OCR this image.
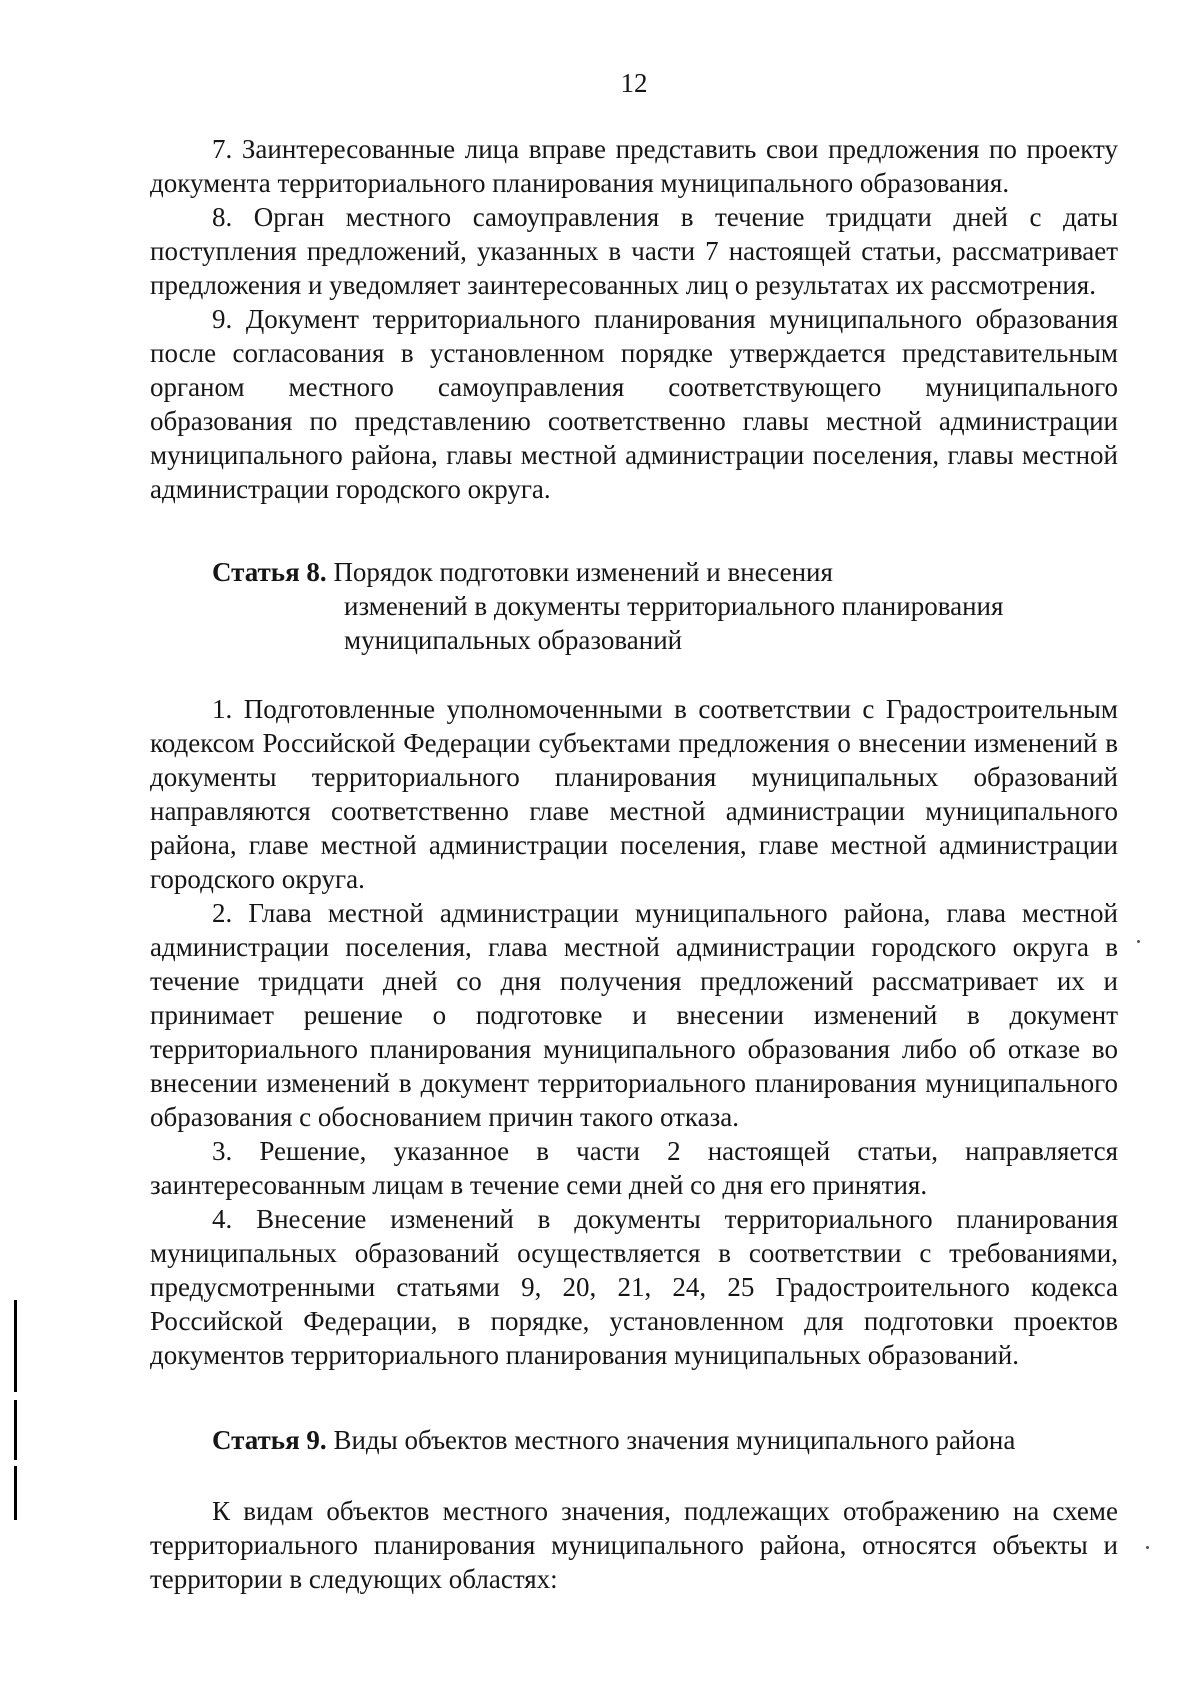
12

7. Заинтересованные лица вправе представить свои предложения по проекту документа территориального планирования муниципального образования.

8. Орган местного самоуправления в течение тридцати дней с даты поступления предложений, указанных в части 7 настоящей статьи, рассматривает предложения и уведомляет заинтересованных лиц о результатах их рассмотрения.

9. Документ территориального планирования муниципального образования после согласования в установленном порядке утверждается представительным органом местного самоуправления соответствующего муниципального образования по представлению соответственно главы местной администрации муниципального района, главы местной администрации поселения, главы местной администрации городского округа.

Статья 8. Порядок подготовки изменений и внесения
изменений в документы территориального планирования
муниципальных образований

1. Подготовленные уполномоченными в соответствии с Градостроительным кодексом Российской Федерации субъектами предложения о внесении изменений в документы территориального планирования муниципальных образований направляются соответственно главе местной администрации муниципального района, главе местной администрации поселения, главе местной администрации городского округа.

2. Глава местной администрации муниципального района, глава местной администрации поселения, глава местной администрации городского округа в течение тридцати дней со дня получения предложений рассматривает их и принимает решение о подготовке и внесении изменений в документ территориального планирования муниципального образования либо об отказе во внесении изменений в документ территориального планирования муниципального образования с обоснованием причин такого отказа.

3. Решение, указанное в части 2 настоящей статьи, направляется заинтересованным лицам в течение семи дней со дня его принятия.

4. Внесение изменений в документы территориального планирования муниципальных образований осуществляется в соответствии с требованиями, предусмотренными статьями 9, 20, 21, 24, 25 Градостроительного кодекса Российской Федерации, в порядке, установленном для подготовки проектов документов территориального планирования муниципальных образований.

Статья 9. Виды объектов местного значения муниципального района

К видам объектов местного значения, подлежащих отображению на схеме территориального планирования муниципального района, относятся объекты и территории в следующих областях:
